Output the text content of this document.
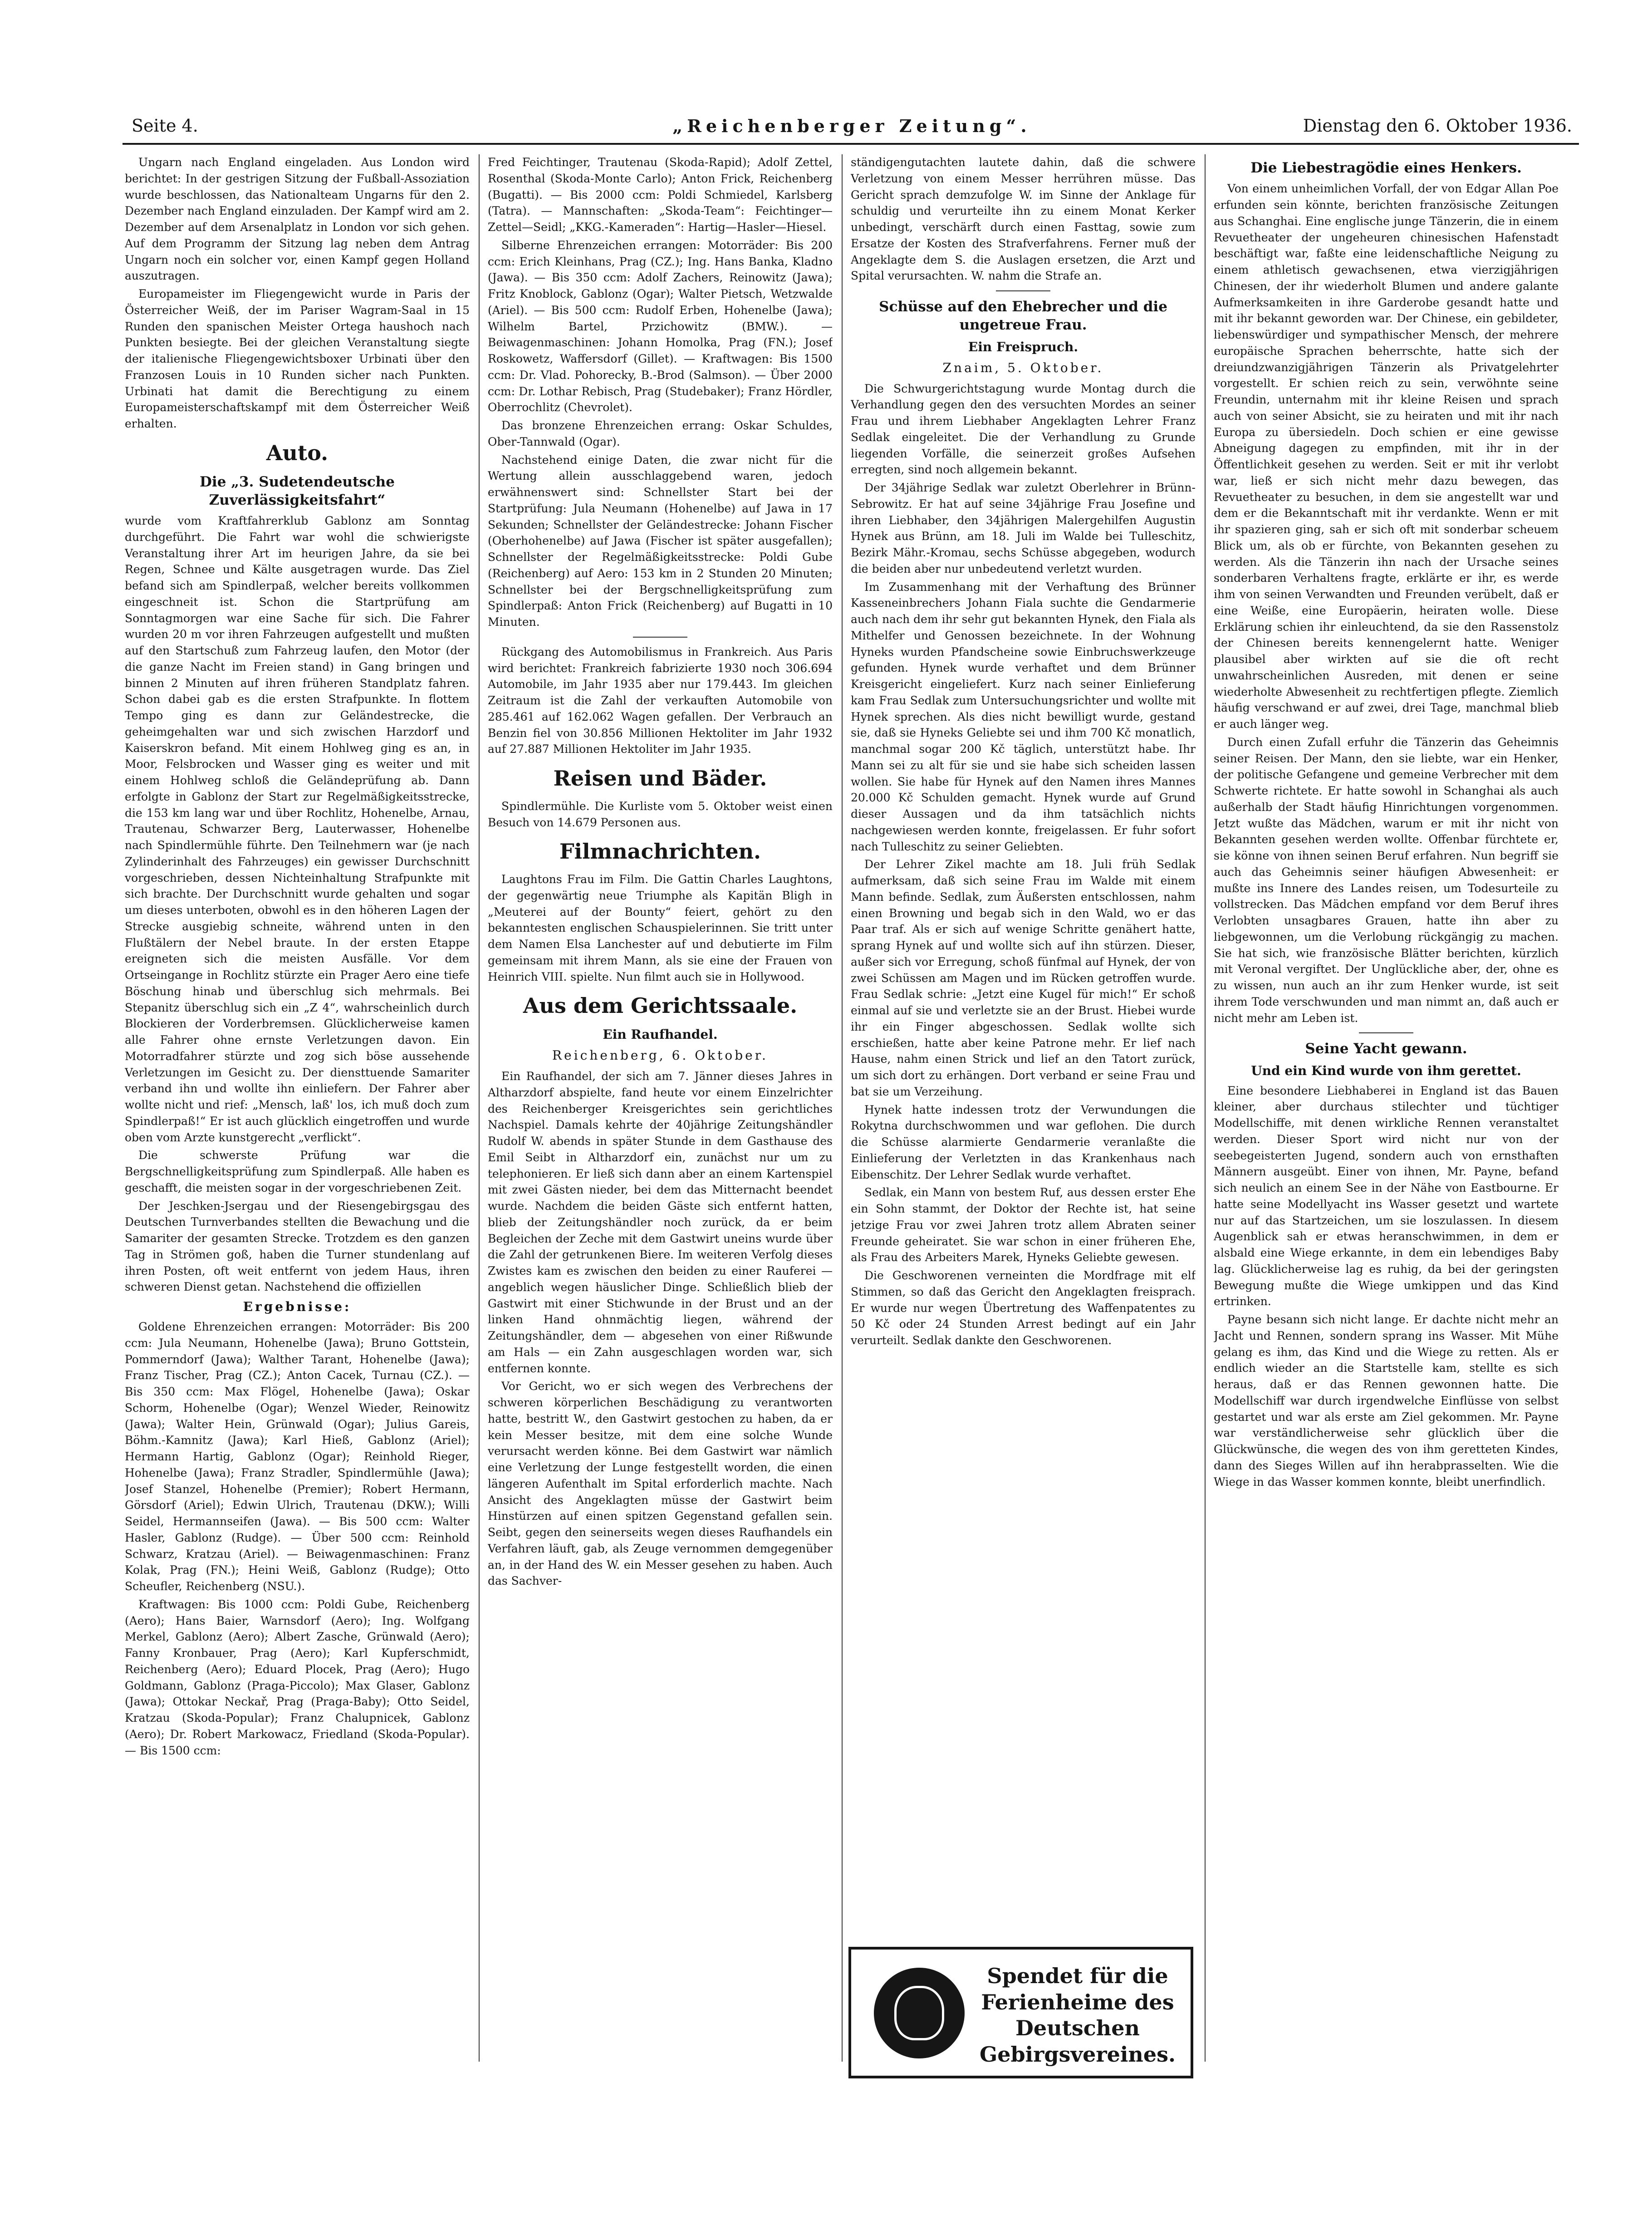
Seite 4.	„Reichenberger Zeitung“.	Dienstag den 6. Oktober 1936.

Ungarn nach England eingeladen. Aus London wird berichtet: In der gestrigen Sitzung der Fußball-Assoziation wurde beschlossen, das Nationalteam Ungarns für den 2. Dezember nach England einzuladen. Der Kampf wird am 2. Dezember auf dem Arsenalplatz in London vor sich gehen. Auf dem Programm der Sitzung lag neben dem Antrag Ungarn noch ein solcher vor, einen Kampf gegen Holland auszutragen.

Europameister im Fliegengewicht wurde in Paris der Österreicher Weiß, der im Pariser Wagram-Saal in 15 Runden den spanischen Meister Ortega haushoch nach Punkten besiegte. Bei der gleichen Veranstaltung siegte der italienische Fliegengewichtsboxer Urbinati über den Franzosen Louis in 10 Runden sicher nach Punkten. Urbinati hat damit die Berechtigung zu einem Europameisterschaftskampf mit dem Österreicher Weiß erhalten.

Auto.
Die „3. Sudetendeutsche Zuverlässigkeitsfahrt“

wurde vom Kraftfahrerklub Gablonz am Sonntag durchgeführt. Die Fahrt war wohl die schwierigste Veranstaltung ihrer Art im heurigen Jahre, da sie bei Regen, Schnee und Kälte ausgetragen wurde. Das Ziel befand sich am Spindlerpaß, welcher bereits vollkommen eingeschneit ist. Schon die Startprüfung am Sonntagmorgen war eine Sache für sich. Die Fahrer wurden 20 m vor ihren Fahrzeugen aufgestellt und mußten auf den Startschuß zum Fahrzeug laufen, den Motor (der die ganze Nacht im Freien stand) in Gang bringen und binnen 2 Minuten auf ihren früheren Standplatz fahren. Schon dabei gab es die ersten Strafpunkte. In flottem Tempo ging es dann zur Geländestrecke, die geheimgehalten war und sich zwischen Harzdorf und Kaiserskron befand. Mit einem Hohlweg ging es an, in Moor, Felsbrocken und Wasser ging es weiter und mit einem Hohlweg schloß die Geländeprüfung ab. Dann erfolgte in Gablonz der Start zur Regelmäßigkeitsstrecke, die 153 km lang war und über Rochlitz, Hohenelbe, Arnau, Trautenau, Schwarzer Berg, Lauterwasser, Hohenelbe nach Spindlermühle führte. Den Teilnehmern war (je nach Zylinderinhalt des Fahrzeuges) ein gewisser Durchschnitt vorgeschrieben, dessen Nichteinhaltung Strafpunkte mit sich brachte. Der Durchschnitt wurde gehalten und sogar um dieses unterboten, obwohl es in den höheren Lagen der Strecke ausgiebig schneite, während unten in den Flußtälern der Nebel braute. In der ersten Etappe ereigneten sich die meisten Ausfälle. Vor dem Ortseingange in Rochlitz stürzte ein Prager Aero eine tiefe Böschung hinab und überschlug sich mehrmals. Bei Stepanitz überschlug sich ein „Z 4“, wahrscheinlich durch Blockieren der Vorderbremsen. Glücklicherweise kamen alle Fahrer ohne ernste Verletzungen davon. Ein Motorradfahrer stürzte und zog sich böse aussehende Verletzungen im Gesicht zu. Der diensttuende Samariter verband ihn und wollte ihn einliefern. Der Fahrer aber wollte nicht und rief: „Mensch, laß' los, ich muß doch zum Spindlerpaß!“ Er ist auch glücklich eingetroffen und wurde oben vom Arzte kunstgerecht „verflickt“.

Die schwerste Prüfung war die Bergschnelligkeitsprüfung zum Spindlerpaß. Alle haben es geschafft, die meisten sogar in der vorgeschriebenen Zeit.

Der Jeschken-Jsergau und der Riesengebirgsgau des Deutschen Turnverbandes stellten die Bewachung und die Samariter der gesamten Strecke. Trotzdem es den ganzen Tag in Strömen goß, haben die Turner stundenlang auf ihren Posten, oft weit entfernt von jedem Haus, ihren schweren Dienst getan. Nachstehend die offiziellen

Ergebnisse:

Goldene Ehrenzeichen errangen: Motorräder: Bis 200 ccm: Jula Neumann, Hohenelbe (Jawa); Bruno Gottstein, Pommerndorf (Jawa); Walther Tarant, Hohenelbe (Jawa); Franz Tischer, Prag (CZ.); Anton Cacek, Turnau (CZ.). — Bis 350 ccm: Max Flögel, Hohenelbe (Jawa); Oskar Schorm, Hohenelbe (Ogar); Wenzel Wieder, Reinowitz (Jawa); Walter Hein, Grünwald (Ogar); Julius Gareis, Böhm.-Kamnitz (Jawa); Karl Hieß, Gablonz (Ariel); Hermann Hartig, Gablonz (Ogar); Reinhold Rieger, Hohenelbe (Jawa); Franz Stradler, Spindlermühle (Jawa); Josef Stanzel, Hohenelbe (Premier); Robert Hermann, Görsdorf (Ariel); Edwin Ulrich, Trautenau (DKW.); Willi Seidel, Hermannseifen (Jawa). — Bis 500 ccm: Walter Hasler, Gablonz (Rudge). — Über 500 ccm: Reinhold Schwarz, Kratzau (Ariel). — Beiwagenmaschinen: Franz Kolak, Prag (FN.); Heini Weiß, Gablonz (Rudge); Otto Scheufler, Reichenberg (NSU.).

Kraftwagen: Bis 1000 ccm: Poldi Gube, Reichenberg (Aero); Hans Baier, Warnsdorf (Aero); Ing. Wolfgang Merkel, Gablonz (Aero); Albert Zasche, Grünwald (Aero); Fanny Kronbauer, Prag (Aero); Karl Kupferschmidt, Reichenberg (Aero); Eduard Plocek, Prag (Aero); Hugo Goldmann, Gablonz (Praga-Piccolo); Max Glaser, Gablonz (Jawa); Ottokar Neckař, Prag (Praga-Baby); Otto Seidel, Kratzau (Skoda-Popular); Franz Chalupnicek, Gablonz (Aero); Dr. Robert Markowacz, Friedland (Skoda-Popular). — Bis 1500 ccm:

Fred Feichtinger, Trautenau (Skoda-Rapid); Adolf Zettel, Rosenthal (Skoda-Monte Carlo); Anton Frick, Reichenberg (Bugatti). — Bis 2000 ccm: Poldi Schmiedel, Karlsberg (Tatra). — Mannschaften: „Skoda-Team“: Feichtinger—Zettel—Seidl; „KKG.-Kameraden“: Hartig—Hasler—Hiesel.

Silberne Ehrenzeichen errangen: Motorräder: Bis 200 ccm: Erich Kleinhans, Prag (CZ.); Ing. Hans Banka, Kladno (Jawa). — Bis 350 ccm: Adolf Zachers, Reinowitz (Jawa); Fritz Knoblock, Gablonz (Ogar); Walter Pietsch, Wetzwalde (Ariel). — Bis 500 ccm: Rudolf Erben, Hohenelbe (Jawa); Wilhelm Bartel, Przichowitz (BMW.). — Beiwagenmaschinen: Johann Homolka, Prag (FN.); Josef Roskowetz, Waffersdorf (Gillet). — Kraftwagen: Bis 1500 ccm: Dr. Vlad. Pohorecky, B.-Brod (Salmson). — Über 2000 ccm: Dr. Lothar Rebisch, Prag (Studebaker); Franz Hördler, Oberrochlitz (Chevrolet).

Das bronzene Ehrenzeichen errang: Oskar Schuldes, Ober-Tannwald (Ogar).

Nachstehend einige Daten, die zwar nicht für die Wertung allein ausschlaggebend waren, jedoch erwähnenswert sind: Schnellster Start bei der Startprüfung: Jula Neumann (Hohenelbe) auf Jawa in 17 Sekunden; Schnellster der Geländestrecke: Johann Fischer (Oberhohenelbe) auf Jawa (Fischer ist später ausgefallen); Schnellster der Regelmäßigkeitsstrecke: Poldi Gube (Reichenberg) auf Aero: 153 km in 2 Stunden 20 Minuten; Schnellster bei der Bergschnelligkeitsprüfung zum Spindlerpaß: Anton Frick (Reichenberg) auf Bugatti in 10 Minuten.

Rückgang des Automobilismus in Frankreich. Aus Paris wird berichtet: Frankreich fabrizierte 1930 noch 306.694 Automobile, im Jahr 1935 aber nur 179.443. Im gleichen Zeitraum ist die Zahl der verkauften Automobile von 285.461 auf 162.062 Wagen gefallen. Der Verbrauch an Benzin fiel von 30.856 Millionen Hektoliter im Jahr 1932 auf 27.887 Millionen Hektoliter im Jahr 1935.

Reisen und Bäder.

Spindlermühle. Die Kurliste vom 5. Oktober weist einen Besuch von 14.679 Personen aus.

Filmnachrichten.

Laughtons Frau im Film. Die Gattin Charles Laughtons, der gegenwärtig neue Triumphe als Kapitän Bligh in „Meuterei auf der Bounty“ feiert, gehört zu den bekanntesten englischen Schauspielerinnen. Sie tritt unter dem Namen Elsa Lanchester auf und debutierte im Film gemeinsam mit ihrem Mann, als sie eine der Frauen von Heinrich VIII. spielte. Nun filmt auch sie in Hollywood.

Aus dem Gerichtssaale.
Ein Raufhandel.
Reichenberg, 6. Oktober.

Ein Raufhandel, der sich am 7. Jänner dieses Jahres in Altharzdorf abspielte, fand heute vor einem Einzelrichter des Reichenberger Kreisgerichtes sein gerichtliches Nachspiel. Damals kehrte der 40jährige Zeitungshändler Rudolf W. abends in später Stunde in dem Gasthause des Emil Seibt in Altharzdorf ein, zunächst nur um zu telephonieren. Er ließ sich dann aber an einem Kartenspiel mit zwei Gästen nieder, bei dem das Mitternacht beendet wurde. Nachdem die beiden Gäste sich entfernt hatten, blieb der Zeitungshändler noch zurück, da er beim Begleichen der Zeche mit dem Gastwirt uneins wurde über die Zahl der getrunkenen Biere. Im weiteren Verfolg dieses Zwistes kam es zwischen den beiden zu einer Rauferei — angeblich wegen häuslicher Dinge. Schließlich blieb der Gastwirt mit einer Stichwunde in der Brust und an der linken Hand ohnmächtig liegen, während der Zeitungshändler, dem — abgesehen von einer Rißwunde am Hals — ein Zahn ausgeschlagen worden war, sich entfernen konnte.

Vor Gericht, wo er sich wegen des Verbrechens der schweren körperlichen Beschädigung zu verantworten hatte, bestritt W., den Gastwirt gestochen zu haben, da er kein Messer besitze, mit dem eine solche Wunde verursacht werden könne. Bei dem Gastwirt war nämlich eine Verletzung der Lunge festgestellt worden, die einen längeren Aufenthalt im Spital erforderlich machte. Nach Ansicht des Angeklagten müsse der Gastwirt beim Hinstürzen auf einen spitzen Gegenstand gefallen sein. Seibt, gegen den seinerseits wegen dieses Raufhandels ein Verfahren läuft, gab, als Zeuge vernommen demgegenüber an, in der Hand des W. ein Messer gesehen zu haben. Auch das Sachver-

ständigengutachten lautete dahin, daß die schwere Verletzung von einem Messer herrühren müsse. Das Gericht sprach demzufolge W. im Sinne der Anklage für schuldig und verurteilte ihn zu einem Monat Kerker unbedingt, verschärft durch einen Fasttag, sowie zum Ersatze der Kosten des Strafverfahrens. Ferner muß der Angeklagte dem S. die Auslagen ersetzen, die Arzt und Spital verursachten. W. nahm die Strafe an.

Schüsse auf den Ehebrecher und die ungetreue Frau.
Ein Freispruch.
Znaim, 5. Oktober.

Die Schwurgerichtstagung wurde Montag durch die Verhandlung gegen den des versuchten Mordes an seiner Frau und ihrem Liebhaber Angeklagten Lehrer Franz Sedlak eingeleitet. Die der Verhandlung zu Grunde liegenden Vorfälle, die seinerzeit großes Aufsehen erregten, sind noch allgemein bekannt.

Der 34jährige Sedlak war zuletzt Oberlehrer in Brünn-Sebrowitz. Er hat auf seine 34jährige Frau Josefine und ihren Liebhaber, den 34jährigen Malergehilfen Augustin Hynek aus Brünn, am 18. Juli im Walde bei Tulleschitz, Bezirk Mähr.-Kromau, sechs Schüsse abgegeben, wodurch die beiden aber nur unbedeutend verletzt wurden.

Im Zusammenhang mit der Verhaftung des Brünner Kasseneinbrechers Johann Fiala suchte die Gendarmerie auch nach dem ihr sehr gut bekannten Hynek, den Fiala als Mithelfer und Genossen bezeichnete. In der Wohnung Hyneks wurden Pfandscheine sowie Einbruchswerkzeuge gefunden. Hynek wurde verhaftet und dem Brünner Kreisgericht eingeliefert. Kurz nach seiner Einlieferung kam Frau Sedlak zum Untersuchungsrichter und wollte mit Hynek sprechen. Als dies nicht bewilligt wurde, gestand sie, daß sie Hyneks Geliebte sei und ihm 700 Kč monatlich, manchmal sogar 200 Kč täglich, unterstützt habe. Ihr Mann sei zu alt für sie und sie habe sich scheiden lassen wollen. Sie habe für Hynek auf den Namen ihres Mannes 20.000 Kč Schulden gemacht. Hynek wurde auf Grund dieser Aussagen und da ihm tatsächlich nichts nachgewiesen werden konnte, freigelassen. Er fuhr sofort nach Tulleschitz zu seiner Geliebten.

Der Lehrer Zikel machte am 18. Juli früh Sedlak aufmerksam, daß sich seine Frau im Walde mit einem Mann befinde. Sedlak, zum Äußersten entschlossen, nahm einen Browning und begab sich in den Wald, wo er das Paar traf. Als er sich auf wenige Schritte genähert hatte, sprang Hynek auf und wollte sich auf ihn stürzen. Dieser, außer sich vor Erregung, schoß fünfmal auf Hynek, der von zwei Schüssen am Magen und im Rücken getroffen wurde. Frau Sedlak schrie: „Jetzt eine Kugel für mich!“ Er schoß einmal auf sie und verletzte sie an der Brust. Hiebei wurde ihr ein Finger abgeschossen. Sedlak wollte sich erschießen, hatte aber keine Patrone mehr. Er lief nach Hause, nahm einen Strick und lief an den Tatort zurück, um sich dort zu erhängen. Dort verband er seine Frau und bat sie um Verzeihung.

Hynek hatte indessen trotz der Verwundungen die Rokytna durchschwommen und war geflohen. Die durch die Schüsse alarmierte Gendarmerie veranlaßte die Einlieferung der Verletzten in das Krankenhaus nach Eibenschitz. Der Lehrer Sedlak wurde verhaftet.

Sedlak, ein Mann von bestem Ruf, aus dessen erster Ehe ein Sohn stammt, der Doktor der Rechte ist, hat seine jetzige Frau vor zwei Jahren trotz allem Abraten seiner Freunde geheiratet. Sie war schon in einer früheren Ehe, als Frau des Arbeiters Marek, Hyneks Geliebte gewesen.

Die Geschworenen verneinten die Mordfrage mit elf Stimmen, so daß das Gericht den Angeklagten freisprach. Er wurde nur wegen Übertretung des Waffenpatentes zu 50 Kč oder 24 Stunden Arrest bedingt auf ein Jahr verurteilt. Sedlak dankte den Geschworenen.

Spendet für die Ferienheime des Deutschen Gebirgsvereines.
Die Liebestragödie eines Henkers.

Von einem unheimlichen Vorfall, der von Edgar Allan Poe erfunden sein könnte, berichten französische Zeitungen aus Schanghai. Eine englische junge Tänzerin, die in einem Revuetheater der ungeheuren chinesischen Hafenstadt beschäftigt war, faßte eine leidenschaftliche Neigung zu einem athletisch gewachsenen, etwa vierzigjährigen Chinesen, der ihr wiederholt Blumen und andere galante Aufmerksamkeiten in ihre Garderobe gesandt hatte und mit ihr bekannt geworden war. Der Chinese, ein gebildeter, liebenswürdiger und sympathischer Mensch, der mehrere europäische Sprachen beherrschte, hatte sich der dreiundzwanzigjährigen Tänzerin als Privatgelehrter vorgestellt. Er schien reich zu sein, verwöhnte seine Freundin, unternahm mit ihr kleine Reisen und sprach auch von seiner Absicht, sie zu heiraten und mit ihr nach Europa zu übersiedeln. Doch schien er eine gewisse Abneigung dagegen zu empfinden, mit ihr in der Öffentlichkeit gesehen zu werden. Seit er mit ihr verlobt war, ließ er sich nicht mehr dazu bewegen, das Revuetheater zu besuchen, in dem sie angestellt war und dem er die Bekanntschaft mit ihr verdankte. Wenn er mit ihr spazieren ging, sah er sich oft mit sonderbar scheuem Blick um, als ob er fürchte, von Bekannten gesehen zu werden. Als die Tänzerin ihn nach der Ursache seines sonderbaren Verhaltens fragte, erklärte er ihr, es werde ihm von seinen Verwandten und Freunden verübelt, daß er eine Weiße, eine Europäerin, heiraten wolle. Diese Erklärung schien ihr einleuchtend, da sie den Rassenstolz der Chinesen bereits kennengelernt hatte. Weniger plausibel aber wirkten auf sie die oft recht unwahrscheinlichen Ausreden, mit denen er seine wiederholte Abwesenheit zu rechtfertigen pflegte. Ziemlich häufig verschwand er auf zwei, drei Tage, manchmal blieb er auch länger weg.

Durch einen Zufall erfuhr die Tänzerin das Geheimnis seiner Reisen. Der Mann, den sie liebte, war ein Henker, der politische Gefangene und gemeine Verbrecher mit dem Schwerte richtete. Er hatte sowohl in Schanghai als auch außerhalb der Stadt häufig Hinrichtungen vorgenommen. Jetzt wußte das Mädchen, warum er mit ihr nicht von Bekannten gesehen werden wollte. Offenbar fürchtete er, sie könne von ihnen seinen Beruf erfahren. Nun begriff sie auch das Geheimnis seiner häufigen Abwesenheit: er mußte ins Innere des Landes reisen, um Todesurteile zu vollstrecken. Das Mädchen empfand vor dem Beruf ihres Verlobten unsagbares Grauen, hatte ihn aber zu liebgewonnen, um die Verlobung rückgängig zu machen. Sie hat sich, wie französische Blätter berichten, kürzlich mit Veronal vergiftet. Der Unglückliche aber, der, ohne es zu wissen, nun auch an ihr zum Henker wurde, ist seit ihrem Tode verschwunden und man nimmt an, daß auch er nicht mehr am Leben ist.

Seine Yacht gewann.
Und ein Kind wurde von ihm gerettet.

Eine besondere Liebhaberei in England ist das Bauen kleiner, aber durchaus stilechter und tüchtiger Modellschiffe, mit denen wirkliche Rennen veranstaltet werden. Dieser Sport wird nicht nur von der seebegeisterten Jugend, sondern auch von ernsthaften Männern ausgeübt. Einer von ihnen, Mr. Payne, befand sich neulich an einem See in der Nähe von Eastbourne. Er hatte seine Modellyacht ins Wasser gesetzt und wartete nur auf das Startzeichen, um sie loszulassen. In diesem Augenblick sah er etwas heranschwimmen, in dem er alsbald eine Wiege erkannte, in dem ein lebendiges Baby lag. Glücklicherweise lag es ruhig, da bei der geringsten Bewegung mußte die Wiege umkippen und das Kind ertrinken.

Payne besann sich nicht lange. Er dachte nicht mehr an Jacht und Rennen, sondern sprang ins Wasser. Mit Mühe gelang es ihm, das Kind und die Wiege zu retten. Als er endlich wieder an die Startstelle kam, stellte es sich heraus, daß er das Rennen gewonnen hatte. Die Modellschiff war durch irgendwelche Einflüsse von selbst gestartet und war als erste am Ziel gekommen. Mr. Payne war verständlicherweise sehr glücklich über die Glückwünsche, die wegen des von ihm geretteten Kindes, dann des Sieges Willen auf ihn herabprasselten. Wie die Wiege in das Wasser kommen konnte, bleibt unerfindlich.
